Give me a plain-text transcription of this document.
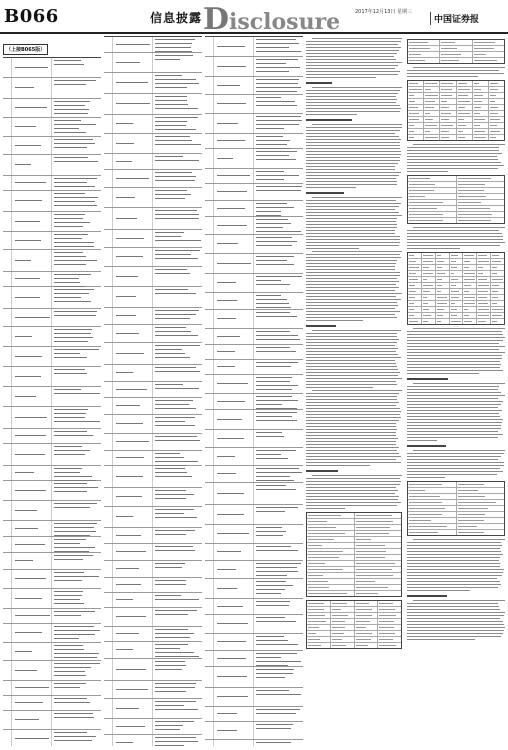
B066	信息披露 Disclosure	2017年12月13日 星期三
中国证券报
（上接B065版）
